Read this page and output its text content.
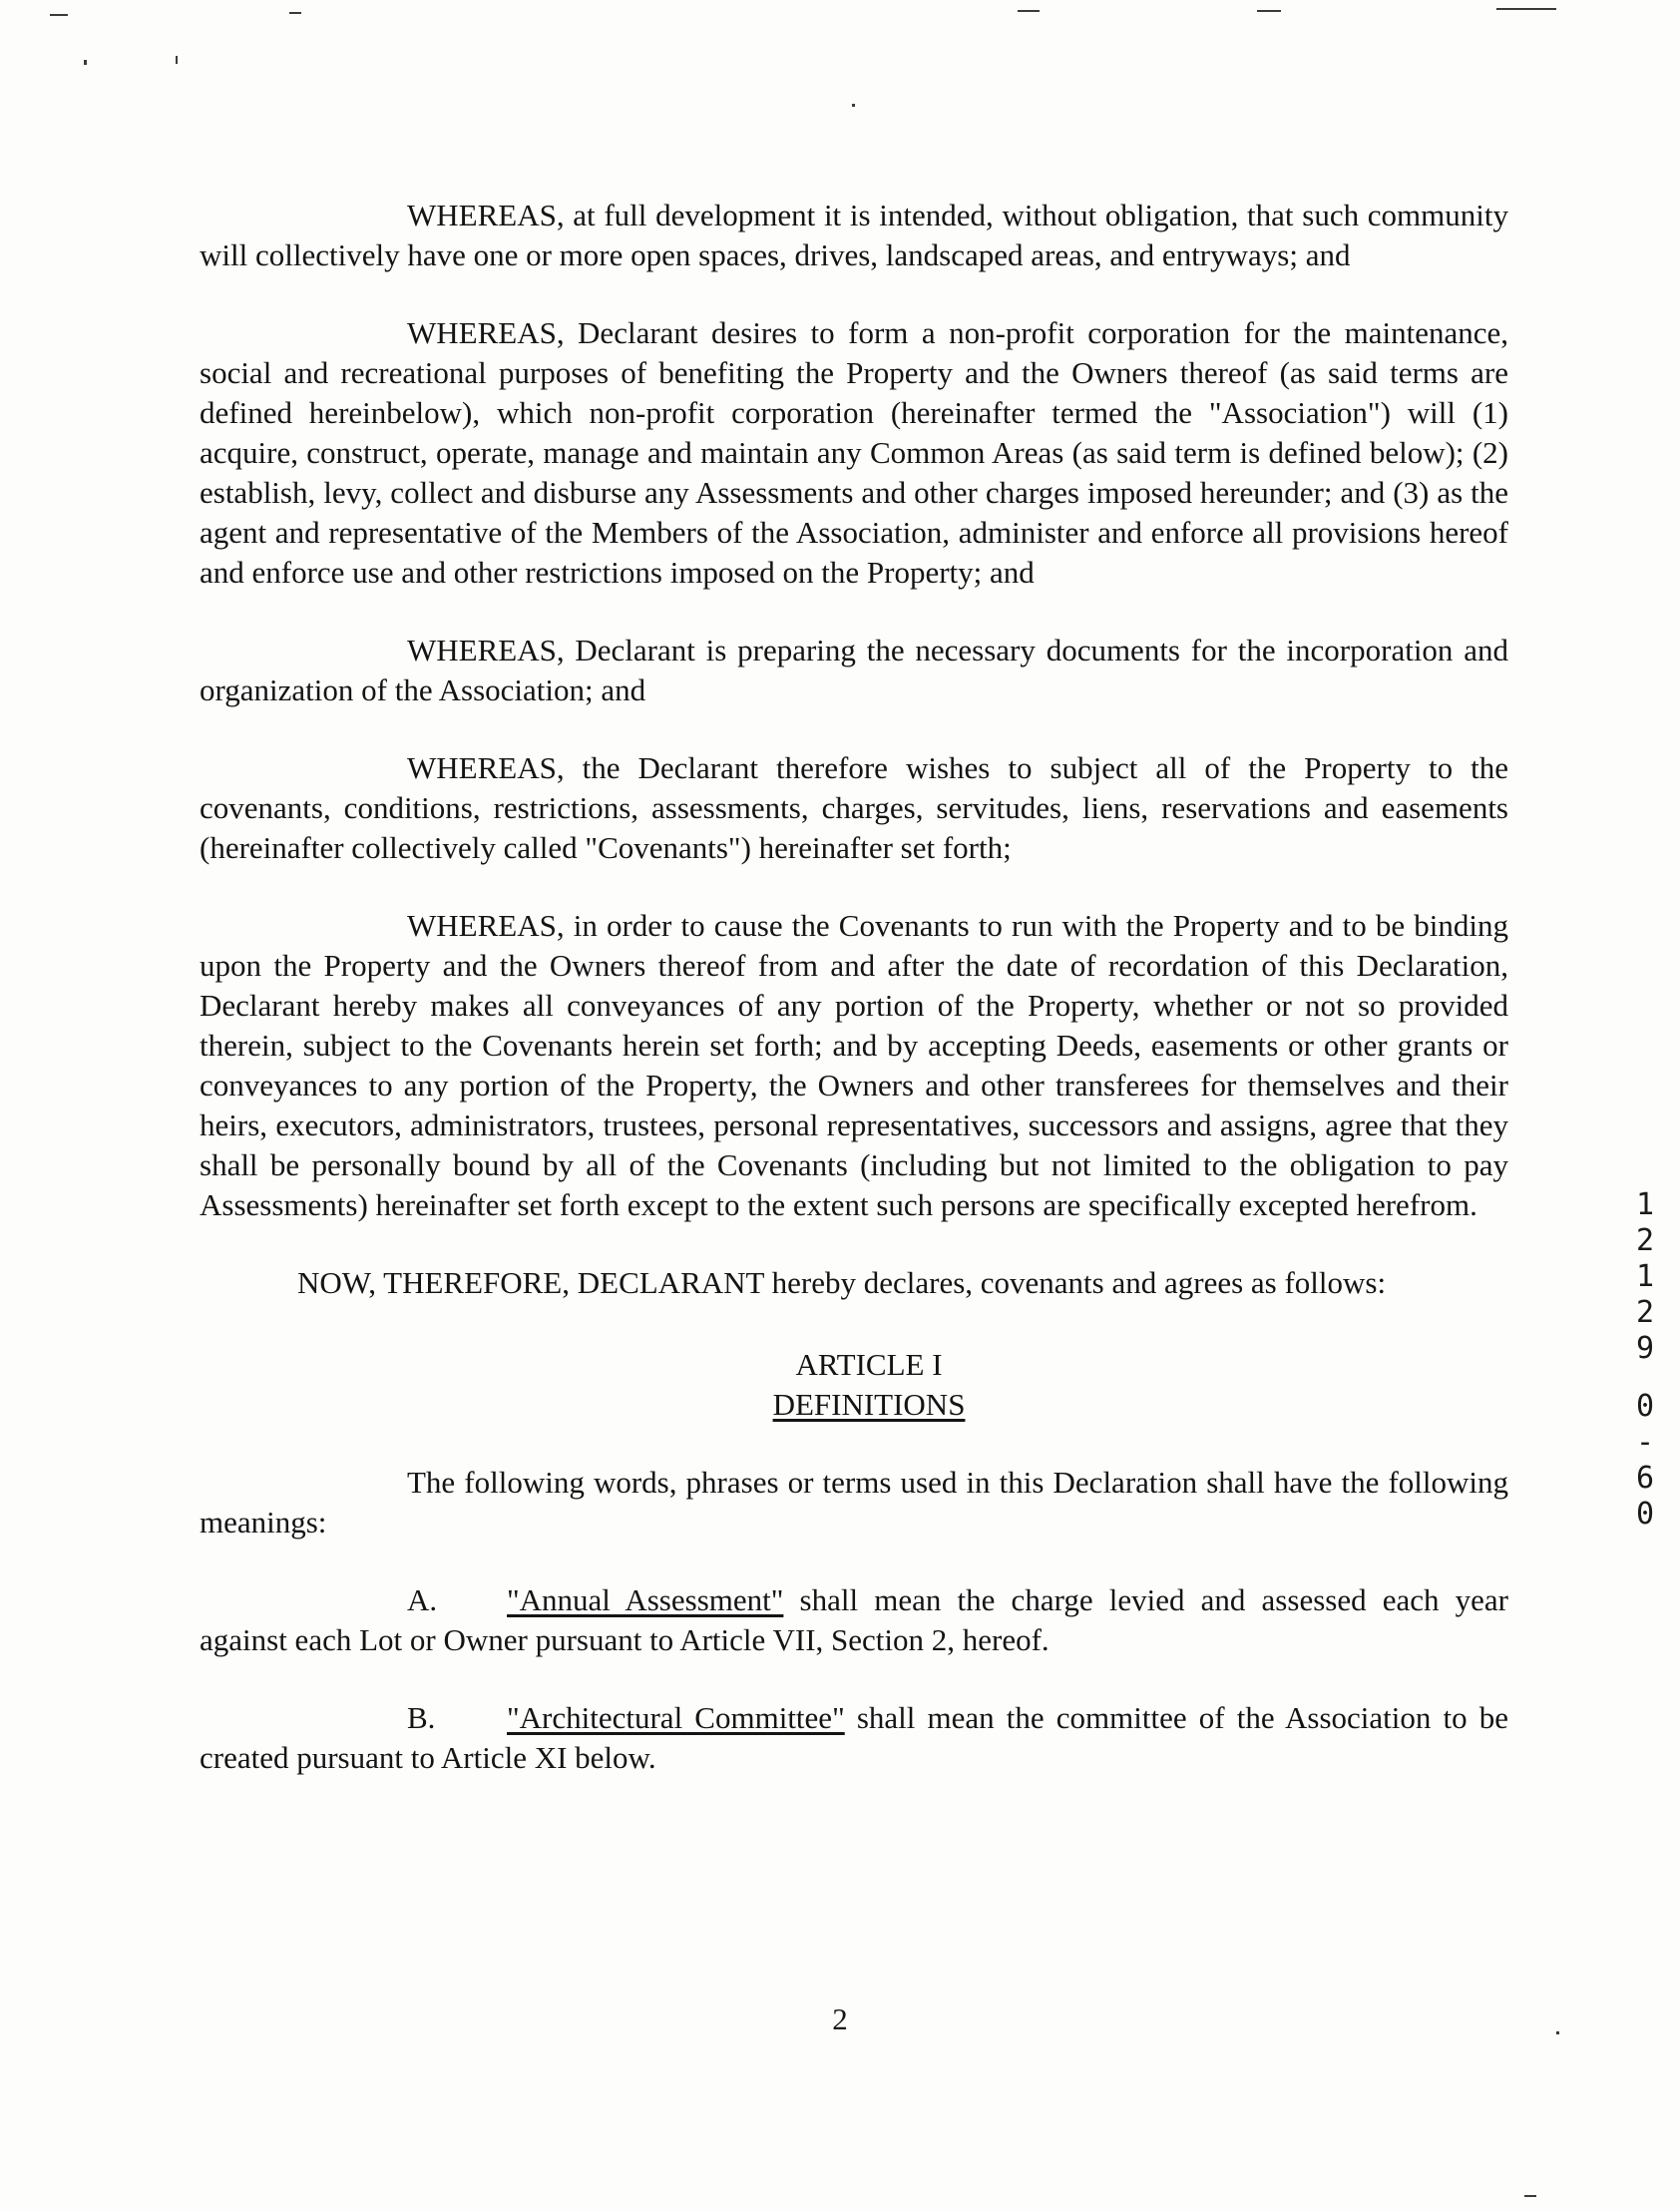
WHEREAS, at full development it is intended, without obligation, that such community will collectively have one or more open spaces, drives, landscaped areas, and entryways; and

WHEREAS, Declarant desires to form a non-profit corporation for the maintenance, social and recreational purposes of benefiting the Property and the Owners thereof (as said terms are defined hereinbelow), which non-profit corporation (hereinafter termed the "Association") will (1) acquire, construct, operate, manage and maintain any Common Areas (as said term is defined below); (2) establish, levy, collect and disburse any Assessments and other charges imposed hereunder; and (3) as the agent and representative of the Members of the Association, administer and enforce all provisions hereof and enforce use and other restrictions imposed on the Property; and

WHEREAS, Declarant is preparing the necessary documents for the incorporation and organization of the Association; and

WHEREAS, the Declarant therefore wishes to subject all of the Property to the covenants, conditions, restrictions, assessments, charges, servitudes, liens, reservations and easements (hereinafter collectively called "Covenants") hereinafter set forth;

WHEREAS, in order to cause the Covenants to run with the Property and to be binding upon the Property and the Owners thereof from and after the date of recordation of this Declaration, Declarant hereby makes all conveyances of any portion of the Property, whether or not so provided therein, subject to the Covenants herein set forth; and by accepting Deeds, easements or other grants or conveyances to any portion of the Property, the Owners and other transferees for themselves and their heirs, executors, administrators, trustees, personal representatives, successors and assigns, agree that they shall be personally bound by all of the Covenants (including but not limited to the obligation to pay Assessments) hereinafter set forth except to the extent such persons are specifically excepted herefrom.

NOW, THEREFORE, DECLARANT hereby declares, covenants and agrees as follows:

ARTICLE I
DEFINITIONS

The following words, phrases or terms used in this Declaration shall have the following meanings:

A. "Annual Assessment" shall mean the charge levied and assessed each year against each Lot or Owner pursuant to Article VII, Section 2, hereof.

B. "Architectural Committee" shall mean the committee of the Association to be created pursuant to Article XI below.

1
2
1
2
9
0
-
6
0
2
